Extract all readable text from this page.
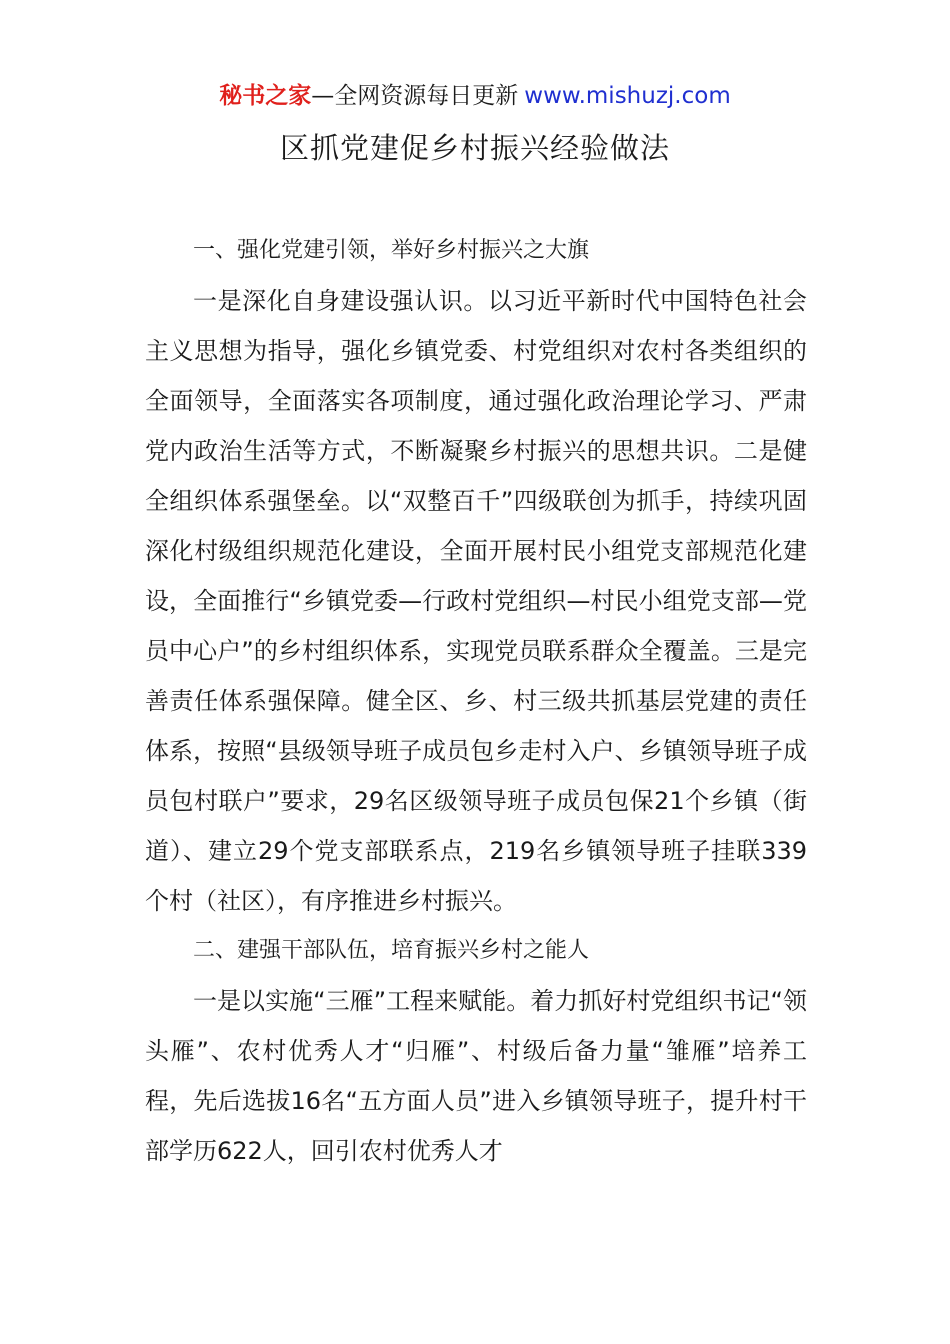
秘书之家—全网资源每日更新 www.mishuzj.com
区抓党建促乡村振兴经验做法
一、强化党建引领，举好乡村振兴之大旗

一是深化自身建设强认识。以习近平新时代中国特色社会主义思想为指导，强化乡镇党委、村党组织对农村各类组织的全面领导，全面落实各项制度，通过强化政治理论学习、严肃党内政治生活等方式，不断凝聚乡村振兴的思想共识。二是健全组织体系强堡垒。以“双整百千”四级联创为抓手，持续巩固深化村级组织规范化建设，全面开展村民小组党支部规范化建设，全面推行“乡镇党委—行政村党组织—村民小组党支部—党员中心户”的乡村组织体系，实现党员联系群众全覆盖。三是完善责任体系强保障。健全区、乡、村三级共抓基层党建的责任体系，按照“县级领导班子成员包乡走村入户、乡镇领导班子成员包村联户”要求，29名区级领导班子成员包保21个乡镇（街道）、建立29个党支部联系点，219名乡镇领导班子挂联339个村（社区），有序推进乡村振兴。

二、建强干部队伍，培育振兴乡村之能人

一是以实施“三雁”工程来赋能。着力抓好村党组织书记“领头雁”、农村优秀人才“归雁”、村级后备力量“雏雁”培养工程，先后选拔16名“五方面人员”进入乡镇领导班子，提升村干部学历622人，回引农村优秀人才
